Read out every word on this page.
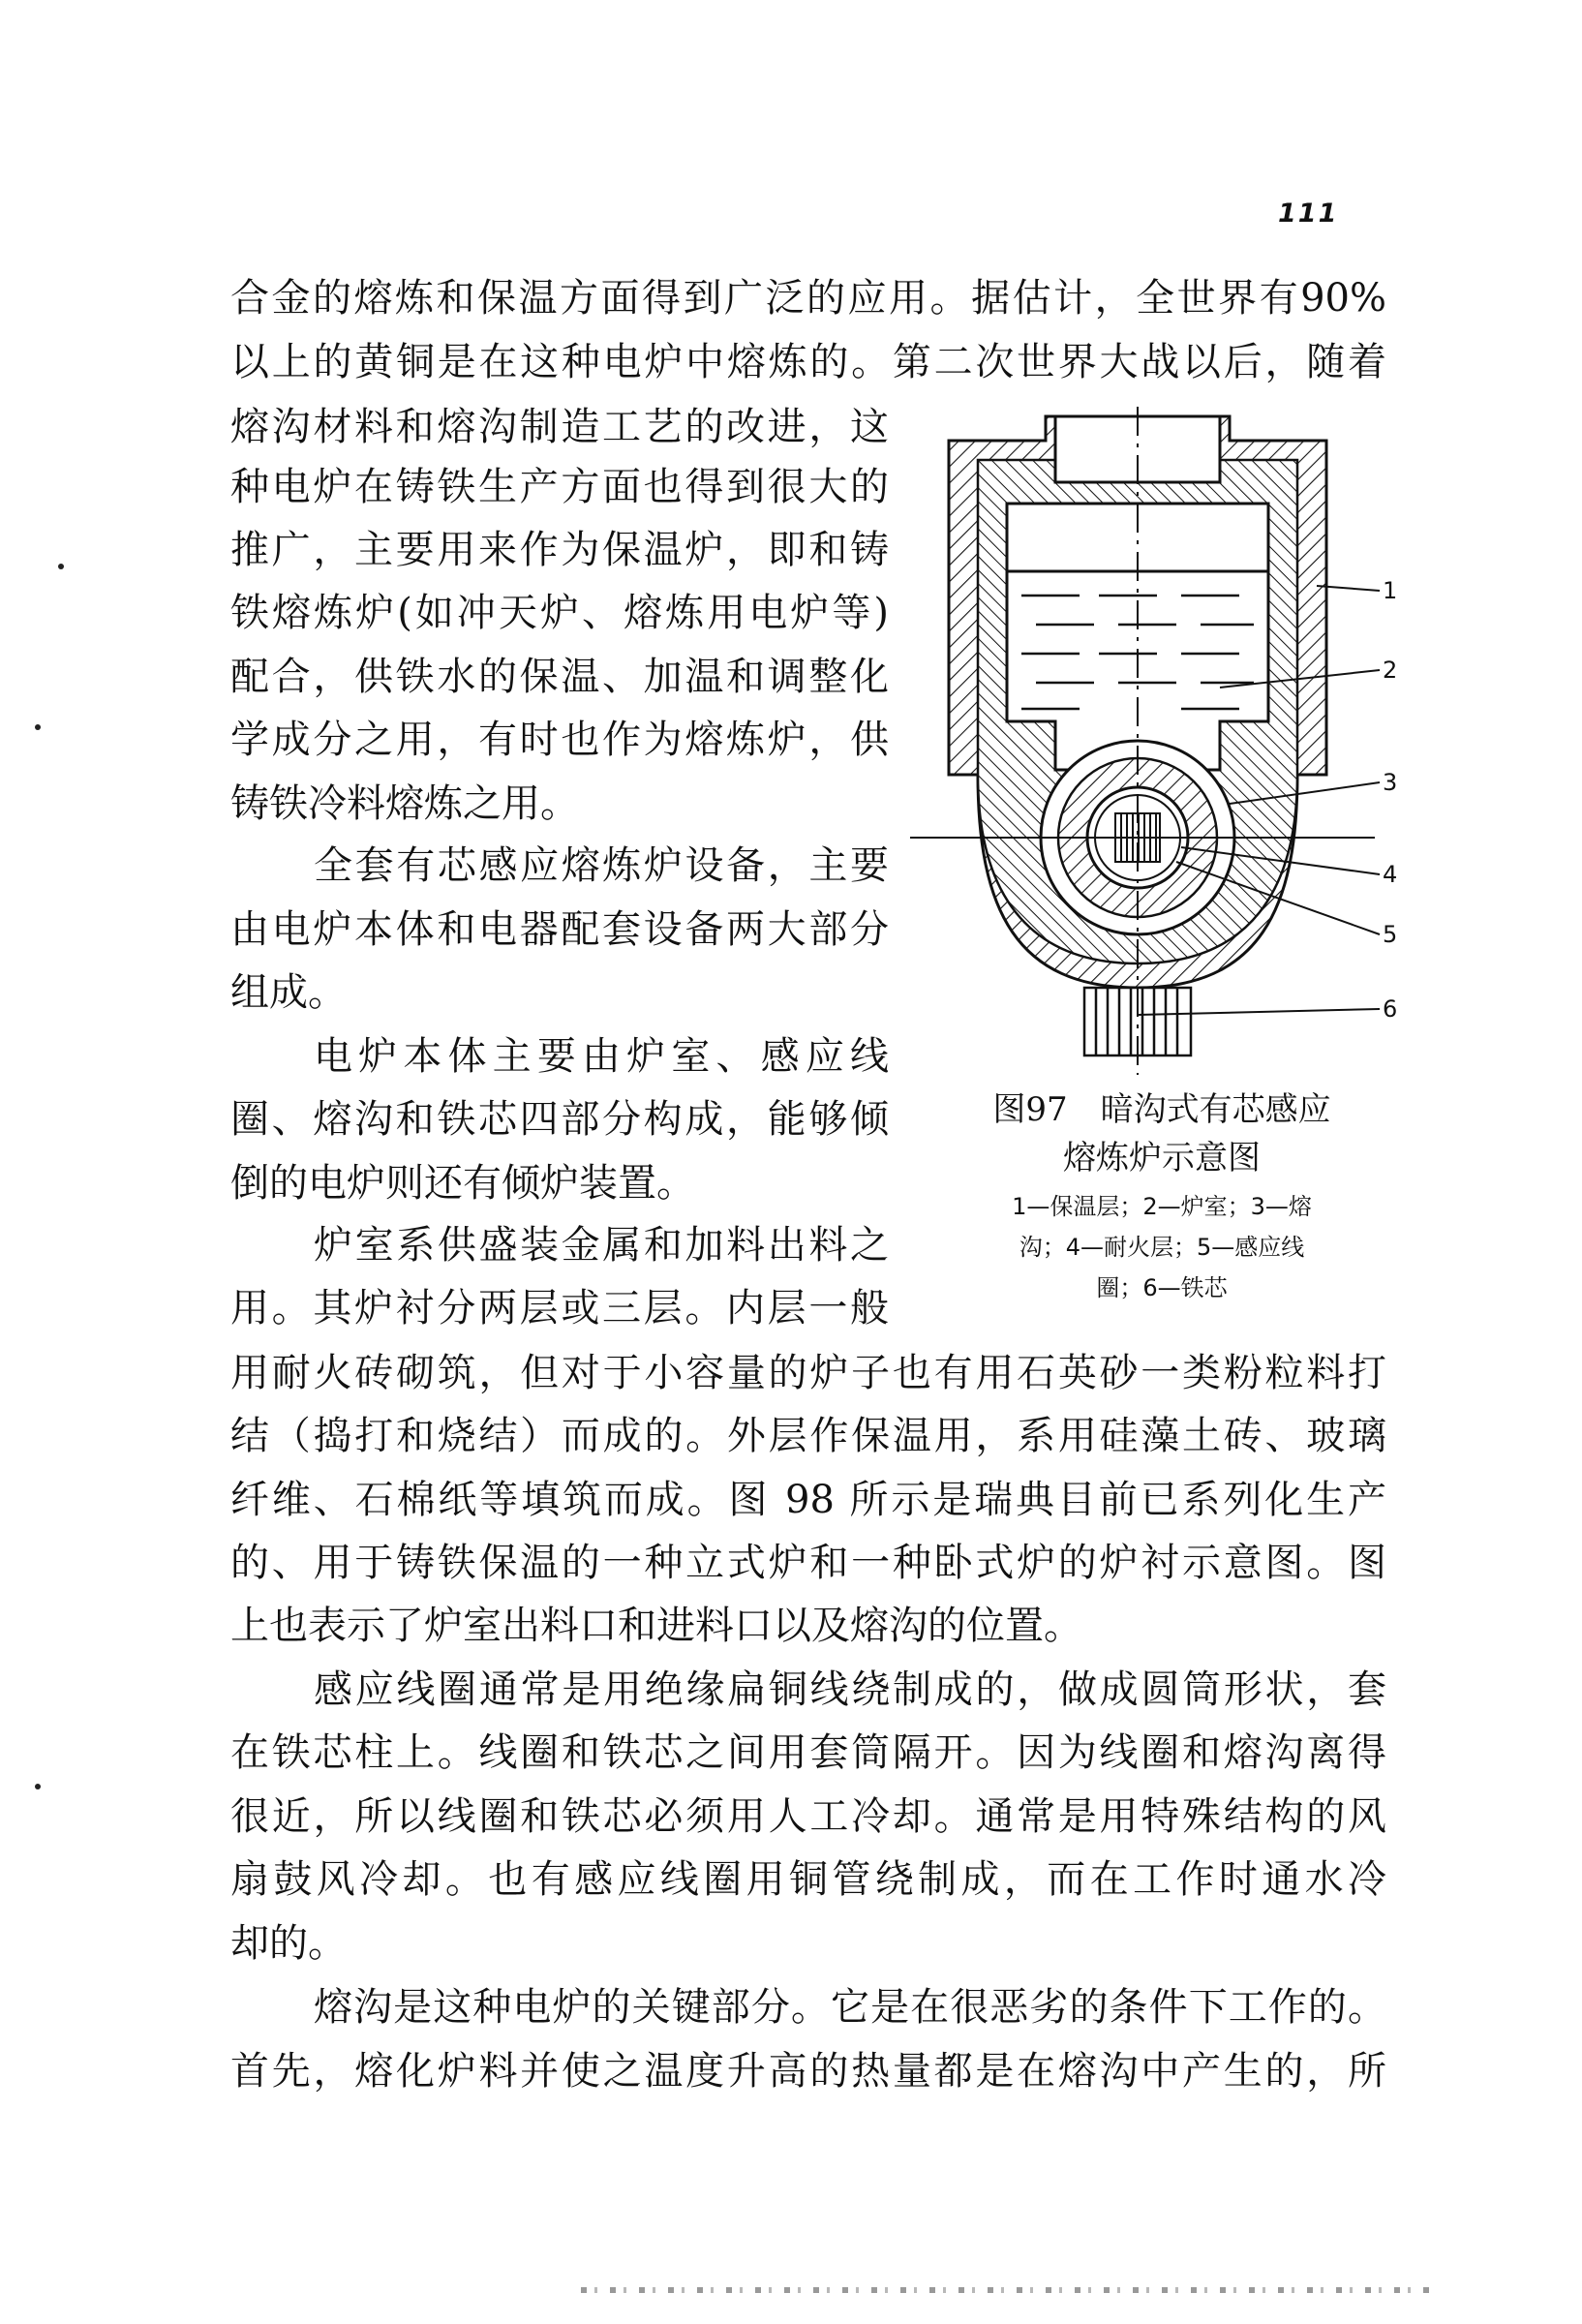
111
合金的熔炼和保温方面得到广泛的应用。据估计，全世界有90%
以上的黄铜是在这种电炉中熔炼的。第二次世界大战以后，随着
熔沟材料和熔沟制造工艺的改进，这
种电炉在铸铁生产方面也得到很大的
推广，主要用来作为保温炉，即和铸
铁熔炼炉(如冲天炉、熔炼用电炉等)
配合，供铁水的保温、加温和调整化
学成分之用，有时也作为熔炼炉，供
铸铁冷料熔炼之用。
全套有芯感应熔炼炉设备，主要
由电炉本体和电器配套设备两大部分
组成。
电炉本体主要由炉室、感应线
圈、熔沟和铁芯四部分构成，能够倾
倒的电炉则还有倾炉装置。
炉室系供盛装金属和加料出料之
用。其炉衬分两层或三层。内层一般
用耐火砖砌筑，但对于小容量的炉子也有用石英砂一类粉粒料打
结（捣打和烧结）而成的。外层作保温用，系用硅藻土砖、玻璃
纤维、石棉纸等填筑而成。图 98 所示是瑞典目前已系列化生产
的、用于铸铁保温的一种立式炉和一种卧式炉的炉衬示意图。图
上也表示了炉室出料口和进料口以及熔沟的位置。
感应线圈通常是用绝缘扁铜线绕制成的，做成圆筒形状，套
在铁芯柱上。线圈和铁芯之间用套筒隔开。因为线圈和熔沟离得
很近，所以线圈和铁芯必须用人工冷却。通常是用特殊结构的风
扇鼓风冷却。也有感应线圈用铜管绕制成，而在工作时通水冷
却的。
熔沟是这种电炉的关键部分。它是在很恶劣的条件下工作的。
首先，熔化炉料并使之温度升高的热量都是在熔沟中产生的，所
1
2
3
4
5
6
图97　暗沟式有芯感应
熔炼炉示意图
1—保温层；2—炉室；3—熔
沟；4—耐火层；5—感应线
圈；6—铁芯
